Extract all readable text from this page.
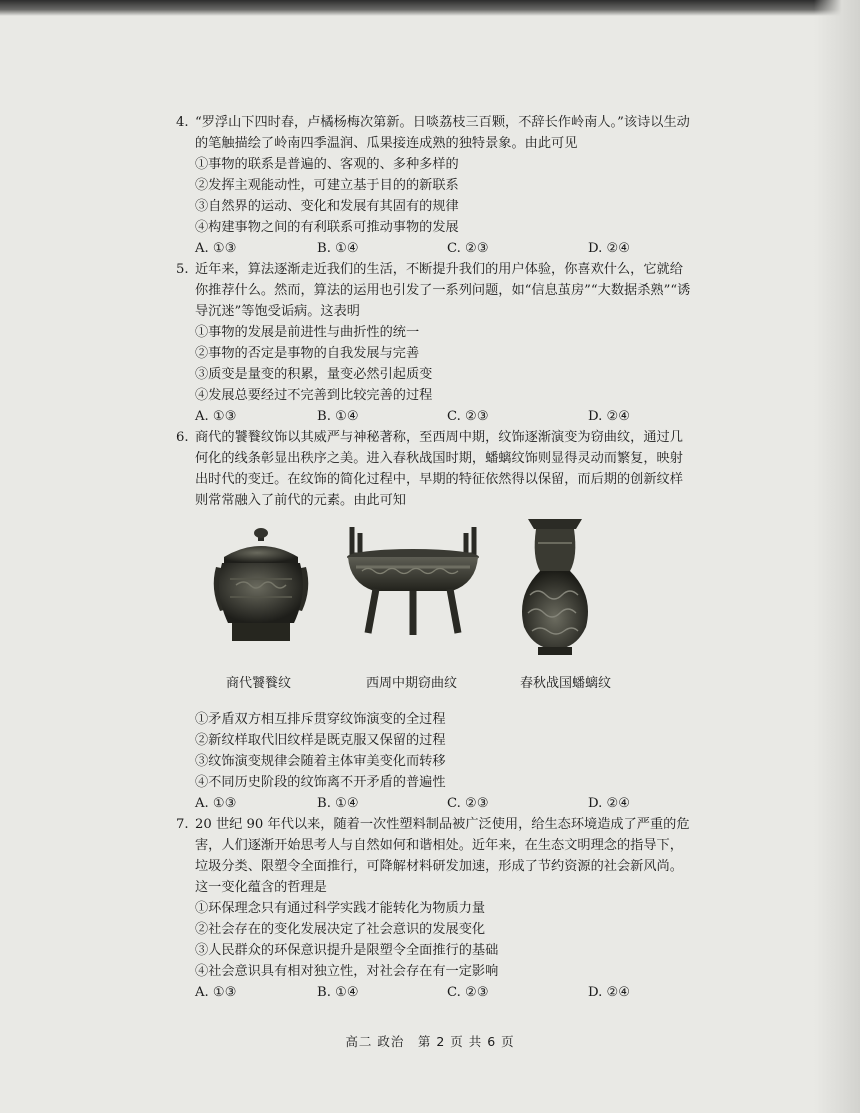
4. “罗浮山下四时春，卢橘杨梅次第新。日啖荔枝三百颗，不辞长作岭南人。”该诗以生动的笔触描绘了岭南四季温润、瓜果接连成熟的独特景象。由此可见
①事物的联系是普遍的、客观的、多种多样的
②发挥主观能动性，可建立基于目的的新联系
③自然界的运动、变化和发展有其固有的规律
④构建事物之间的有利联系可推动事物的发展
A. ①③	B. ①④	C. ②③	D. ②④
5. 近年来，算法逐渐走近我们的生活，不断提升我们的用户体验，你喜欢什么，它就给你推荐什么。然而，算法的运用也引发了一系列问题，如“信息茧房”“大数据杀熟”“诱导沉迷”等饱受诟病。这表明
①事物的发展是前进性与曲折性的统一
②事物的否定是事物的自我发展与完善
③质变是量变的积累，量变必然引起质变
④发展总要经过不完善到比较完善的过程
A. ①③	B. ①④	C. ②③	D. ②④
6. 商代的饕餮纹饰以其威严与神秘著称，至西周中期，纹饰逐渐演变为窃曲纹，通过几何化的线条彰显出秩序之美。进入春秋战国时期，蟠螭纹饰则显得灵动而繁复，映射出时代的变迁。在纹饰的简化过程中，早期的特征依然得以保留，而后期的创新纹样则常常融入了前代的元素。由此可知
商代饕餮纹	西周中期窃曲纹	春秋战国蟠螭纹
①矛盾双方相互排斥贯穿纹饰演变的全过程
②新纹样取代旧纹样是既克服又保留的过程
③纹饰演变规律会随着主体审美变化而转移
④不同历史阶段的纹饰离不开矛盾的普遍性
A. ①③	B. ①④	C. ②③	D. ②④
7. 20 世纪 90 年代以来，随着一次性塑料制品被广泛使用，给生态环境造成了严重的危害，人们逐渐开始思考人与自然如何和谐相处。近年来，在生态文明理念的指导下，垃圾分类、限塑令全面推行，可降解材料研发加速，形成了节约资源的社会新风尚。这一变化蕴含的哲理是
①环保理念只有通过科学实践才能转化为物质力量
②社会存在的变化发展决定了社会意识的发展变化
③人民群众的环保意识提升是限塑令全面推行的基础
④社会意识具有相对独立性，对社会存在有一定影响
A. ①③	B. ①④	C. ②③	D. ②④
高二 政治　第 2 页 共 6 页
